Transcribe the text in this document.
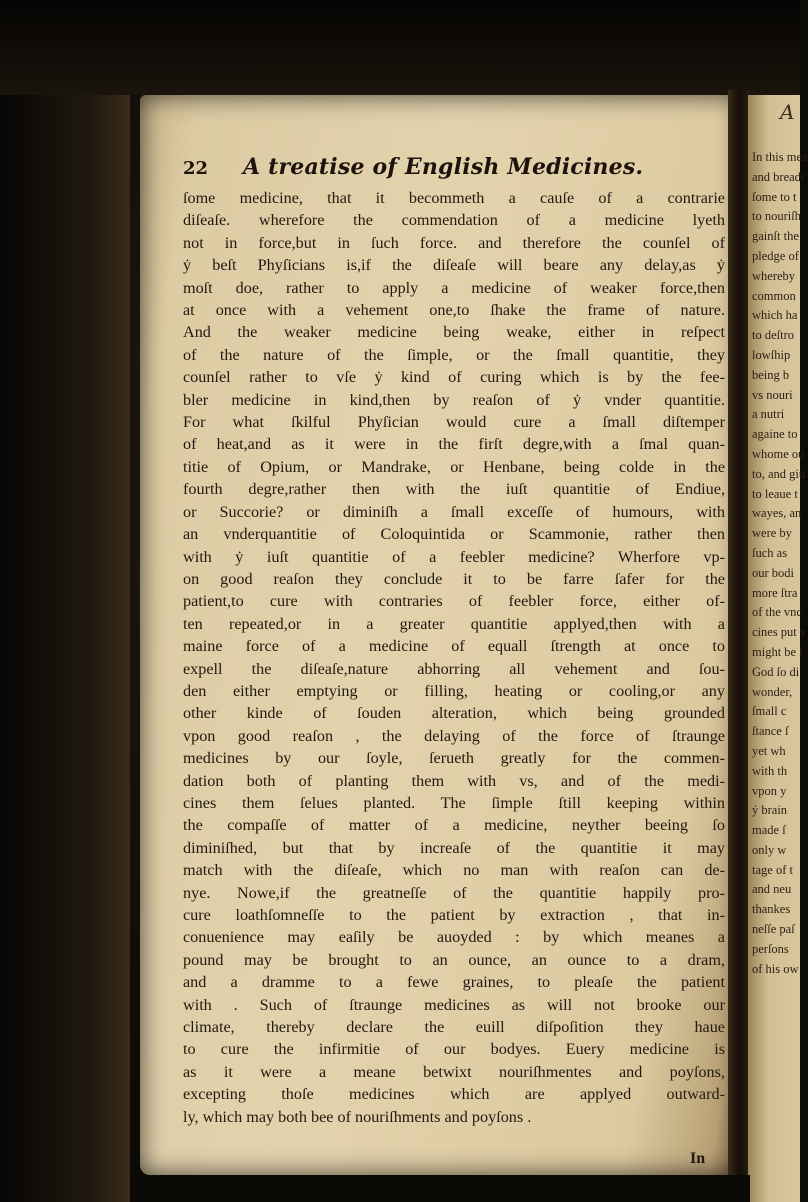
A
In this mea
and breadt
ſome to t
to nouriſh
gainſt the
pledge of
whereby
common
which ha
to deſtro
lowſhip
being b
vs nouri
a nutri
againe to
whome ou
to, and giu
to leaue t
wayes, an
were by
ſuch as
our bodi
more ſtra
of the vnc
cines put v
might be ſ
God ſo di
wonder,
ſmall c
ſtance ſ
yet wh
with th
vpon y
ẏ brain
made ſ
only w
tage of t
and neu
thankes
neſſe paſ
perſons
of his ow
22 A treatise of English Medicines.
ſome medicine, that it becommeth a cauſe of a contrarie
diſeaſe. wherefore the commendation of a medicine lyeth
not in force,but in ſuch force. and therefore the counſel of
ẏ beſt Phyſicians is,if the diſeaſe will beare any delay,as ẏ
moſt doe, rather to apply a medicine of weaker force,then
at once with a vehement one,to ſhake the frame of nature.
And the weaker medicine being weake, either in reſpect
of the nature of the ſimple, or the ſmall quantitie, they
counſel rather to vſe ẏ kind of curing which is by the fee-
bler medicine in kind,then by reaſon of ẏ vnder quantitie.
For what ſkilful Phyſician would cure a ſmall diſtemper
of heat,and as it were in the firſt degre,with a ſmal quan-
titie of Opium, or Mandrake, or Henbane, being colde in the
fourth degre,rather then with the iuſt quantitie of Endiue,
or Succorie? or diminiſh a ſmall exceſſe of humours, with
an vnderquantitie of Coloquintida or Scammonie, rather then
with ẏ iuſt quantitie of a feebler medicine? Wherfore vp-
on good reaſon they conclude it to be farre ſafer for the
patient,to cure with contraries of feebler force, either of-
ten repeated,or in a greater quantitie applyed,then with a
maine force of a medicine of equall ſtrength at once to
expell the diſeaſe,nature abhorring all vehement and ſou-
den either emptying or filling, heating or cooling,or any
other kinde of ſouden alteration, which being grounded
vpon good reaſon , the delaying of the force of ſtraunge
medicines by our ſoyle, ſerueth greatly for the commen-
dation both of planting them with vs, and of the medi-
cines them ſelues planted. The ſimple ſtill keeping within
the compaſſe of matter of a medicine, neyther beeing ſo
diminiſhed, but that by increaſe of the quantitie it may
match with the diſeaſe, which no man with reaſon can de-
nye. Nowe,if the greatneſſe of the quantitie happily pro-
cure loathſomneſſe to the patient by extraction , that in-
conuenience may eaſily be auoyded : by which meanes a
pound may be brought to an ounce, an ounce to a dram,
and a dramme to a fewe graines, to pleaſe the patient
with . Such of ſtraunge medicines as will not brooke our
climate, thereby declare the euill diſpoſition they haue
to cure the infirmitie of our bodyes. Euery medicine is
as it were a meane betwixt nouriſhmentes and poyſons,
excepting thoſe medicines which are applyed outward-
ly, which may both bee of nouriſhments and poyſons .
In
